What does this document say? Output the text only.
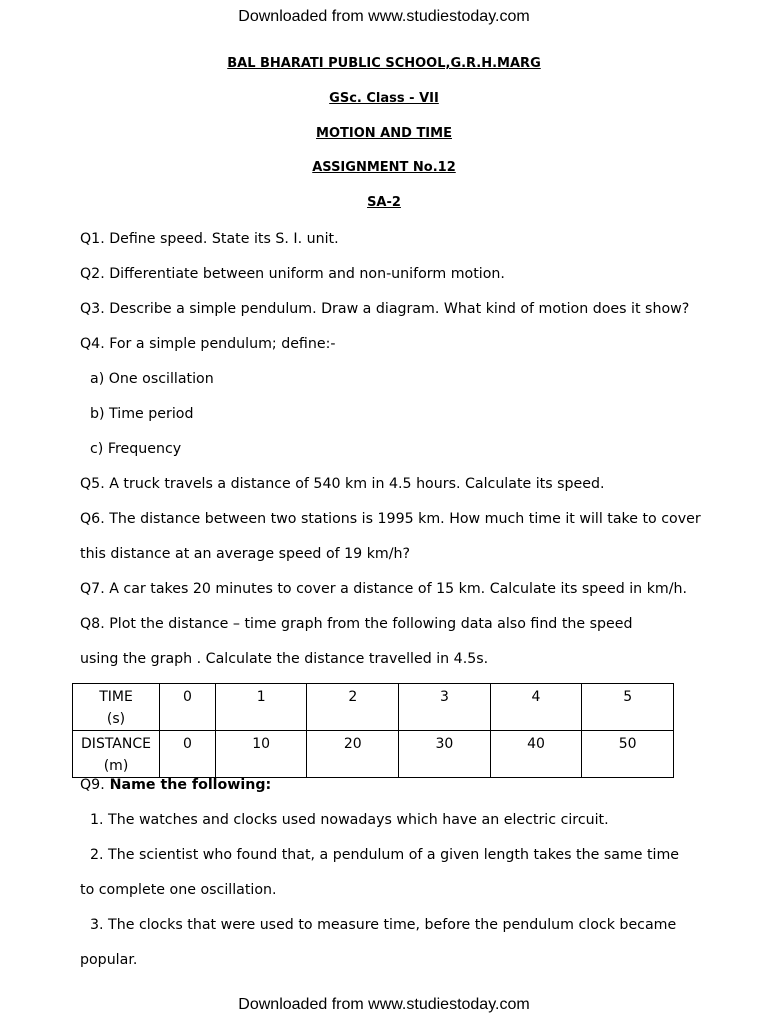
Downloaded from www.studiestoday.com
BAL BHARATI PUBLIC SCHOOL,G.R.H.MARG
GSc. Class - VII
MOTION AND TIME
ASSIGNMENT No.12
SA-2
Q1. Define speed. State its S. I. unit.
Q2. Differentiate between uniform and non-uniform motion.
Q3. Describe a simple pendulum. Draw a diagram. What kind of motion does it show?
Q4. For a simple pendulum; define:-
a) One oscillation
b) Time period
c) Frequency
Q5. A truck travels a distance of 540 km in 4.5 hours. Calculate its speed.
Q6. The distance between two stations is 1995 km. How much time it will take to cover
this distance at an average speed of 19 km/h?
Q7. A car takes 20 minutes to cover a distance of 15 km. Calculate its speed in km/h.
Q8. Plot the distance – time graph from the following data also find the speed
using the graph . Calculate the distance travelled in 4.5s.
TIME
(s)	0	1	2	3	4	5

DISTANCE
(m)	0	10	20	30	40	50
Q9. Name the following:
1. The watches and clocks used nowadays which have an electric circuit.
2. The scientist who found that, a pendulum of a given length takes the same time
to complete one oscillation.
3. The clocks that were used to measure time, before the pendulum clock became
popular.
Downloaded from www.studiestoday.com
